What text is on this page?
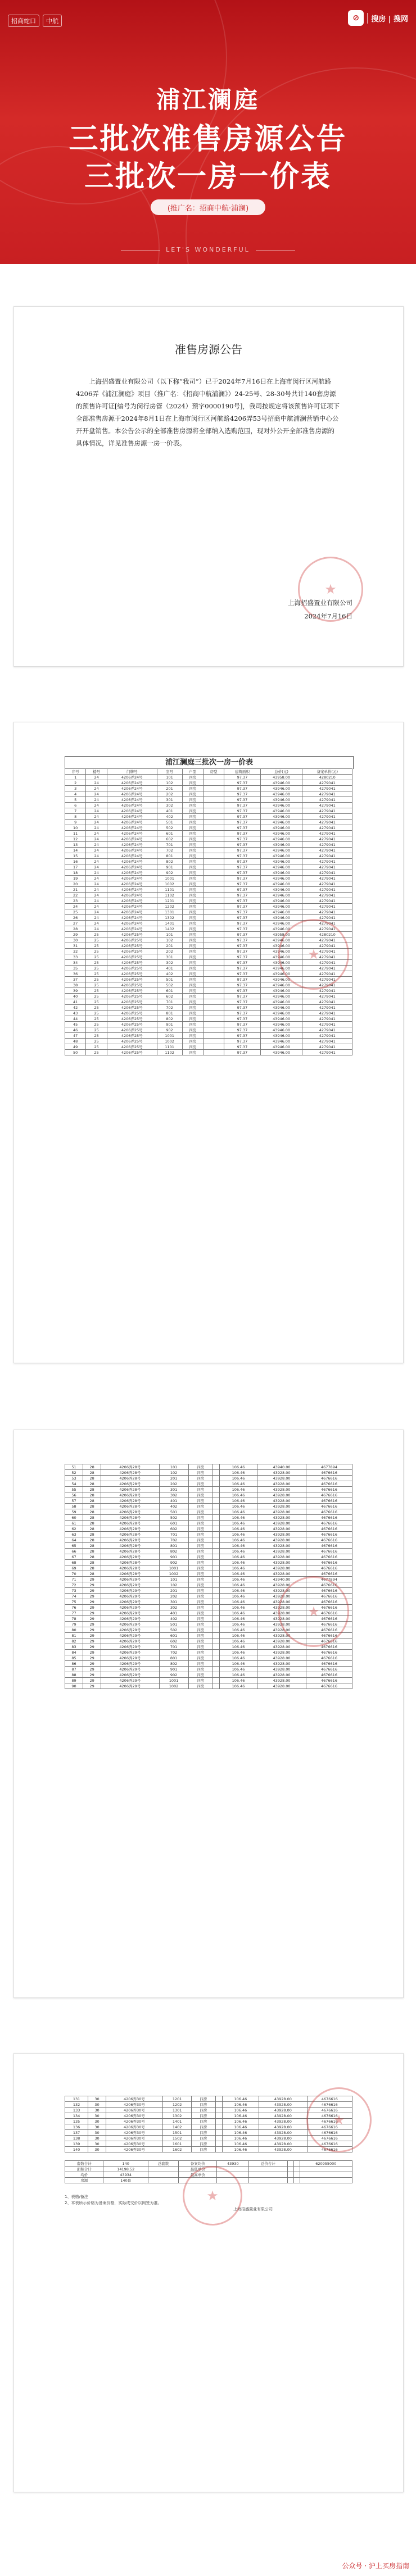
招商蛇口	中航	⊘	搜房 | 搜网
浦江澜庭
三批次准售房源公告
三批次一房一价表
(推广名：招商中航·浦澜)
LET'S WONDERFUL
准售房源公告

上海招盛置业有限公司（以下称“我司”）已于2024年7月16日在上海市闵行区河航路4206弄《浦江澜庭》项目（推广名：《招商中航浦澜》）24-25号、28-30号共计140套房源的预售许可证[编号为闵行房管（2024）预字0000190号]，我司按规定将该预售许可证项下全部准售房源于2024年8月1日在上海市闵行区河航路4206弄53号招商中航浦澜营销中心公开开盘销售。本公告公示的全部准售房源将全部纳入选购范围，现对外公开全部准售房源的具体情况，详见准售房源一房一价表。

★
上海招盛置业有限公司
2024年7月16日
浦江澜庭三批次一房一价表
序号	楼号	门牌号	室号	户型	房型	建筑面积	总价(元)	备案单价(元)
1	24	4206弄24号	101	四房		97.37	43958.00	4280210
2	24	4206弄24号	102	四房		97.37	43946.00	4279041
3	24	4206弄24号	201	四房		97.37	43946.00	4279041
4	24	4206弄24号	202	四房		97.37	43946.00	4279041
5	24	4206弄24号	301	四房		97.37	43946.00	4279041
6	24	4206弄24号	302	四房		97.37	43946.00	4279041
7	24	4206弄24号	401	四房		97.37	43946.00	4279041
8	24	4206弄24号	402	四房		97.37	43946.00	4279041
9	24	4206弄24号	501	四房		97.37	43946.00	4279041
10	24	4206弄24号	502	四房		97.37	43946.00	4279041
11	24	4206弄24号	601	四房		97.37	43946.00	4279041
12	24	4206弄24号	602	四房		97.37	43946.00	4279041
13	24	4206弄24号	701	四房		97.37	43946.00	4279041
14	24	4206弄24号	702	四房		97.37	43946.00	4279041
15	24	4206弄24号	801	四房		97.37	43946.00	4279041
16	24	4206弄24号	802	四房		97.37	43946.00	4279041
17	24	4206弄24号	901	四房		97.37	43946.00	4279041
18	24	4206弄24号	902	四房		97.37	43946.00	4279041
19	24	4206弄24号	1001	四房		97.37	43946.00	4279041
20	24	4206弄24号	1002	四房		97.37	43946.00	4279041
21	24	4206弄24号	1101	四房		97.37	43946.00	4279041
22	24	4206弄24号	1102	四房		97.37	43946.00	4279041
23	24	4206弄24号	1201	四房		97.37	43946.00	4279041
24	24	4206弄24号	1202	四房		97.37	43946.00	4279041
25	24	4206弄24号	1301	四房		97.37	43946.00	4279041
26	24	4206弄24号	1302	四房		97.37	43946.00	4279041
27	24	4206弄24号	1401	四房		97.37	43946.00	4279041
28	24	4206弄24号	1402	四房		97.37	43946.00	4279041
29	25	4206弄25号	101	四房		97.37	43958.00	4280210
30	25	4206弄25号	102	四房		97.37	43946.00	4279041
31	25	4206弄25号	201	四房		97.37	43946.00	4279041
32	25	4206弄25号	202	四房		97.37	43946.00	4279041
33	25	4206弄25号	301	四房		97.37	43946.00	4279041
34	25	4206弄25号	302	四房		97.37	43946.00	4279041
35	25	4206弄25号	401	四房		97.37	43946.00	4279041
36	25	4206弄25号	402	四房		97.37	43946.00	4279041
37	25	4206弄25号	501	四房		97.37	43946.00	4279041
38	25	4206弄25号	502	四房		97.37	43946.00	4279041
39	25	4206弄25号	601	四房		97.37	43946.00	4279041
40	25	4206弄25号	602	四房		97.37	43946.00	4279041
41	25	4206弄25号	701	四房		97.37	43946.00	4279041
42	25	4206弄25号	702	四房		97.37	43946.00	4279041
43	25	4206弄25号	801	四房		97.37	43946.00	4279041
44	25	4206弄25号	802	四房		97.37	43946.00	4279041
45	25	4206弄25号	901	四房		97.37	43946.00	4279041
46	25	4206弄25号	902	四房		97.37	43946.00	4279041
47	25	4206弄25号	1001	四房		97.37	43946.00	4279041
48	25	4206弄25号	1002	四房		97.37	43946.00	4279041
49	25	4206弄25号	1101	四房		97.37	43946.00	4279041
50	25	4206弄25号	1102	四房		97.37	43946.00	4279041
★
51	28	4206弄28号	101	四房		106.46	43940.00	4677894
52	28	4206弄28号	102	四房		106.46	43928.00	4676616
53	28	4206弄28号	201	四房		106.46	43928.00	4676616
54	28	4206弄28号	202	四房		106.46	43928.00	4676616
55	28	4206弄28号	301	四房		106.46	43928.00	4676616
56	28	4206弄28号	302	四房		106.46	43928.00	4676616
57	28	4206弄28号	401	四房		106.46	43928.00	4676616
58	28	4206弄28号	402	四房		106.46	43928.00	4676616
59	28	4206弄28号	501	四房		106.46	43928.00	4676616
60	28	4206弄28号	502	四房		106.46	43928.00	4676616
61	28	4206弄28号	601	四房		106.46	43928.00	4676616
62	28	4206弄28号	602	四房		106.46	43928.00	4676616
63	28	4206弄28号	701	四房		106.46	43928.00	4676616
64	28	4206弄28号	702	四房		106.46	43928.00	4676616
65	28	4206弄28号	801	四房		106.46	43928.00	4676616
66	28	4206弄28号	802	四房		106.46	43928.00	4676616
67	28	4206弄28号	901	四房		106.46	43928.00	4676616
68	28	4206弄28号	902	四房		106.46	43928.00	4676616
69	28	4206弄28号	1001	四房		106.46	43928.00	4676616
70	28	4206弄28号	1002	四房		106.46	43928.00	4676616
71	29	4206弄29号	101	四房		106.46	43940.00	4677894
72	29	4206弄29号	102	四房		106.46	43928.00	4676616
73	29	4206弄29号	201	四房		106.46	43928.00	4676616
74	29	4206弄29号	202	四房		106.46	43928.00	4676616
75	29	4206弄29号	301	四房		106.46	43928.00	4676616
76	29	4206弄29号	302	四房		106.46	43928.00	4676616
77	29	4206弄29号	401	四房		106.46	43928.00	4676616
78	29	4206弄29号	402	四房		106.46	43928.00	4676616
79	29	4206弄29号	501	四房		106.46	43928.00	4676616
80	29	4206弄29号	502	四房		106.46	43928.00	4676616
81	29	4206弄29号	601	四房		106.46	43928.00	4676616
82	29	4206弄29号	602	四房		106.46	43928.00	4676616
83	29	4206弄29号	701	四房		106.46	43928.00	4676616
84	29	4206弄29号	702	四房		106.46	43928.00	4676616
85	29	4206弄29号	801	四房		106.46	43928.00	4676616
86	29	4206弄29号	802	四房		106.46	43928.00	4676616
87	29	4206弄29号	901	四房		106.46	43928.00	4676616
88	29	4206弄29号	902	四房		106.46	43928.00	4676616
89	29	4206弄29号	1001	四房		106.46	43928.00	4676616
90	29	4206弄29号	1002	四房		106.46	43928.00	4676616
★
131	30	4206弄30号	1201	四房		106.46	43928.00	4676616
132	30	4206弄30号	1202	四房		106.46	43928.00	4676616
133	30	4206弄30号	1301	四房		106.46	43928.00	4676616
134	30	4206弄30号	1302	四房		106.46	43928.00	4676616
135	30	4206弄30号	1401	四房		106.46	43928.00	4676616
136	30	4206弄30号	1402	四房		106.46	43928.00	4676616
137	30	4206弄30号	1501	四房		106.46	43928.00	4676616
138	30	4206弄30号	1502	四房		106.46	43928.00	4676616
139	30	4206弄30号	1601	四房		106.46	43928.00	4676616
140	30	4206弄30号	1602	四房		106.46	43928.00	4676616
套数合计	140	总套数	备案均价	43930	总价合计			620955000
面积合计	14198.52		最低单价					
均价	43934		最高单价					
房源	140套							
1、表格/备注
2、本表所示价格为备案价格，实际成交价以网签为准。
上海招盛置业有限公司
★
★
公众号 · 沪上买房指南
